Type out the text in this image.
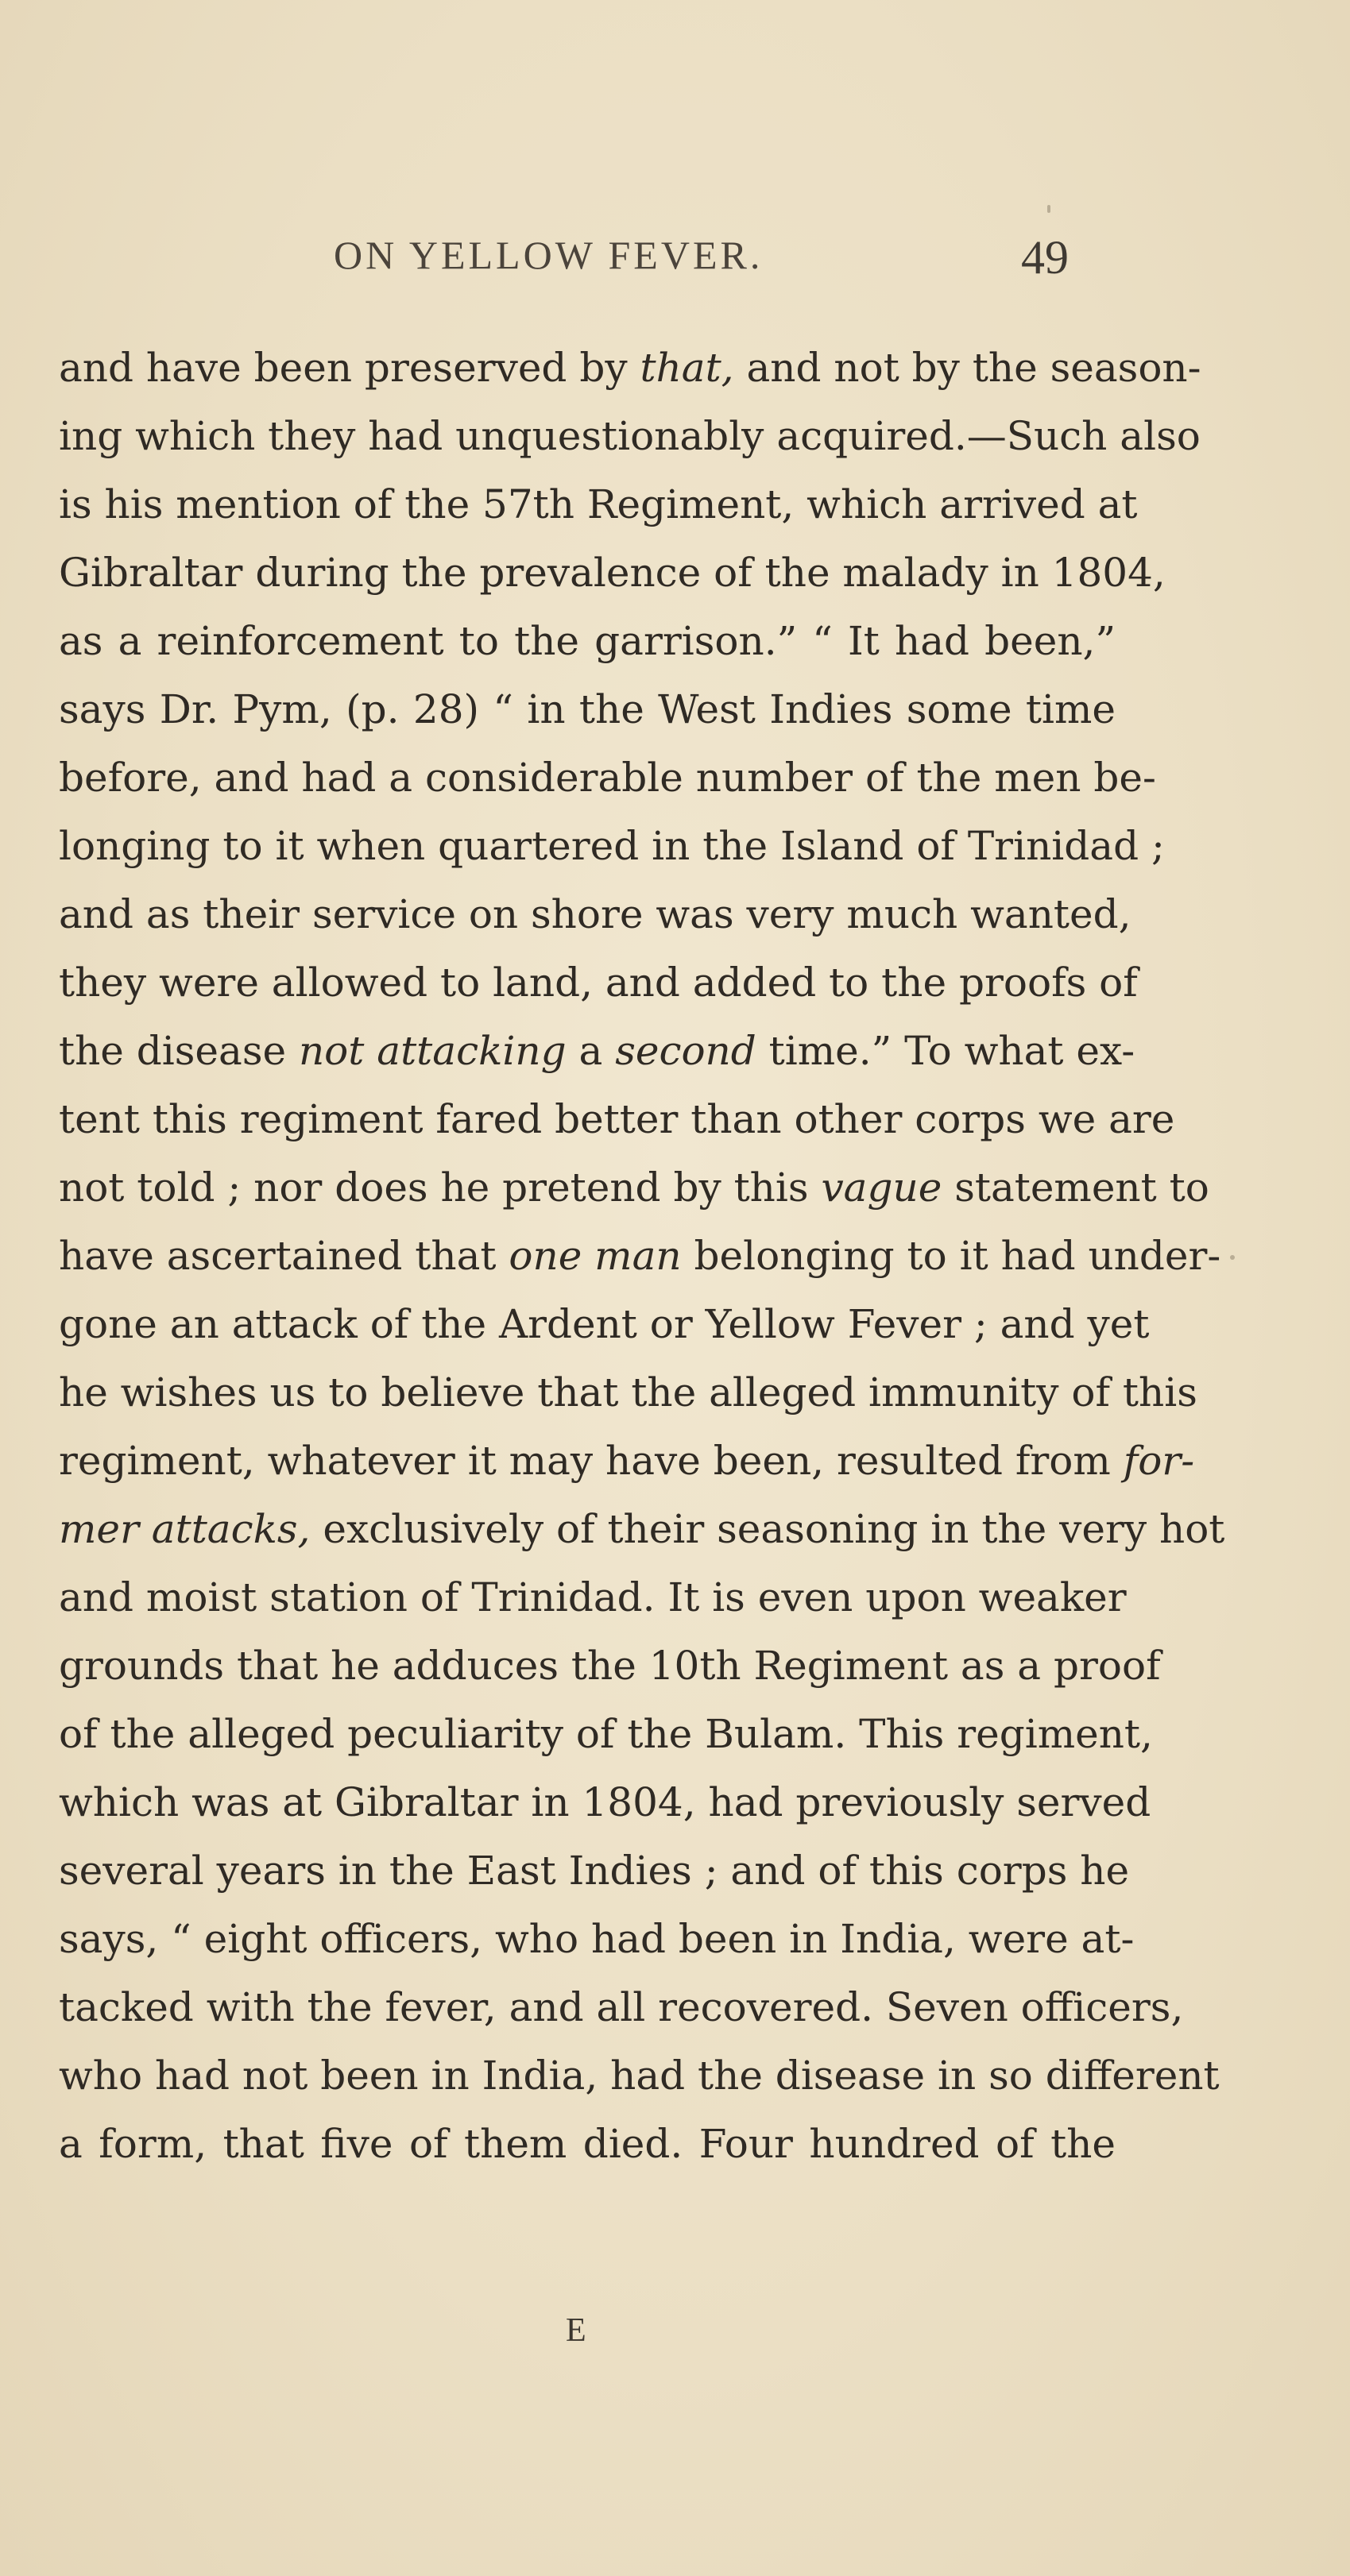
ON YELLOW FEVER.	49
and have been preserved by that, and not by the season-
ing which they had unquestionably acquired.—Such also
is his mention of the 57th Regiment, which arrived at
Gibraltar during the prevalence of the malady in 1804,
as a reinforcement to the garrison.” “ It had been,”
says Dr. Pym, (p. 28) “ in the West Indies some time
before, and had a considerable number of the men be-
longing to it when quartered in the Island of Trinidad ;
and as their service on shore was very much wanted,
they were allowed to land, and added to the proofs of
the disease not attacking a second time.” To what ex-
tent this regiment fared better than other corps we are
not told ; nor does he pretend by this vague statement to
have ascertained that one man belonging to it had under-
gone an attack of the Ardent or Yellow Fever ; and yet
he wishes us to believe that the alleged immunity of this
regiment, whatever it may have been, resulted from for-
mer attacks, exclusively of their seasoning in the very hot
and moist station of Trinidad. It is even upon weaker
grounds that he adduces the 10th Regiment as a proof
of the alleged peculiarity of the Bulam. This regiment,
which was at Gibraltar in 1804, had previously served
several years in the East Indies ; and of this corps he
says, “ eight officers, who had been in India, were at-
tacked with the fever, and all recovered. Seven officers,
who had not been in India, had the disease in so different
a form, that five of them died. Four hundred of the
E
